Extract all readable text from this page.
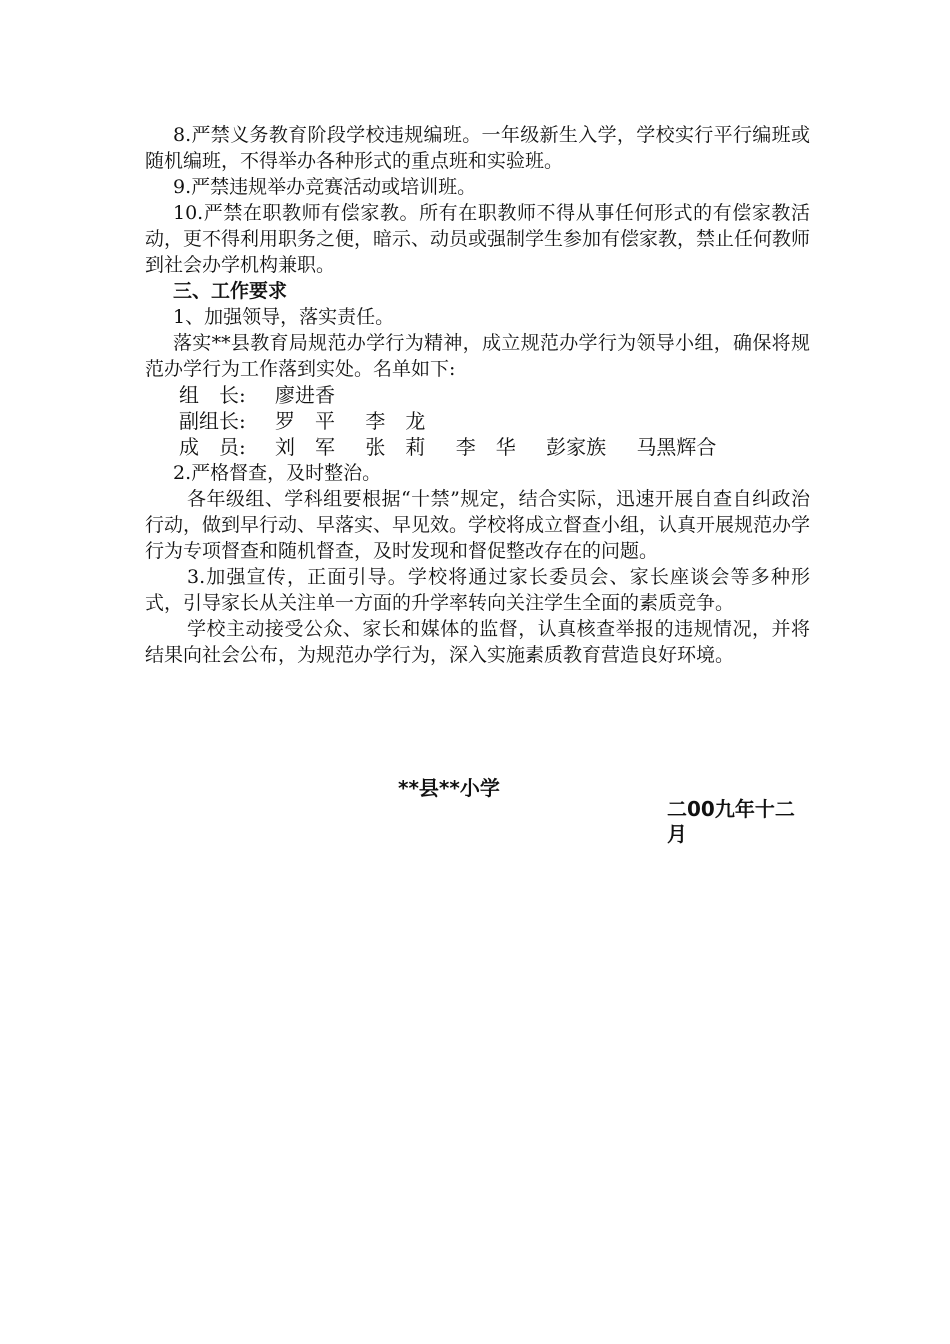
8.严禁义务教育阶段学校违规编班。一年级新生入学，学校实行平行编班或随机编班，不得举办各种形式的重点班和实验班。

9.严禁违规举办竞赛活动或培训班。

10.严禁在职教师有偿家教。所有在职教师不得从事任何形式的有偿家教活动，更不得利用职务之便，暗示、动员或强制学生参加有偿家教，禁止任何教师到社会办学机构兼职。

三、工作要求

1、加强领导，落实责任。

落实**县教育局规范办学行为精神，成立规范办学行为领导小组，确保将规范办学行为工作落到实处。名单如下:

组　长:	廖进香
副组长:	罗　平 李　龙
成　员:	刘　军 张　莉 李　华 彭家族 马黑辉合

2.严格督查，及时整治。

各年级组、学科组要根据“十禁”规定，结合实际，迅速开展自查自纠政治行动，做到早行动、早落实、早见效。学校将成立督查小组，认真开展规范办学行为专项督查和随机督查，及时发现和督促整改存在的问题。

3.加强宣传，正面引导。学校将通过家长委员会、家长座谈会等多种形式，引导家长从关注单一方面的升学率转向关注学生全面的素质竞争。

学校主动接受公众、家长和媒体的监督，认真核查举报的违规情况，并将结果向社会公布，为规范办学行为，深入实施素质教育营造良好环境。

**县**小学
二00九年十二月
